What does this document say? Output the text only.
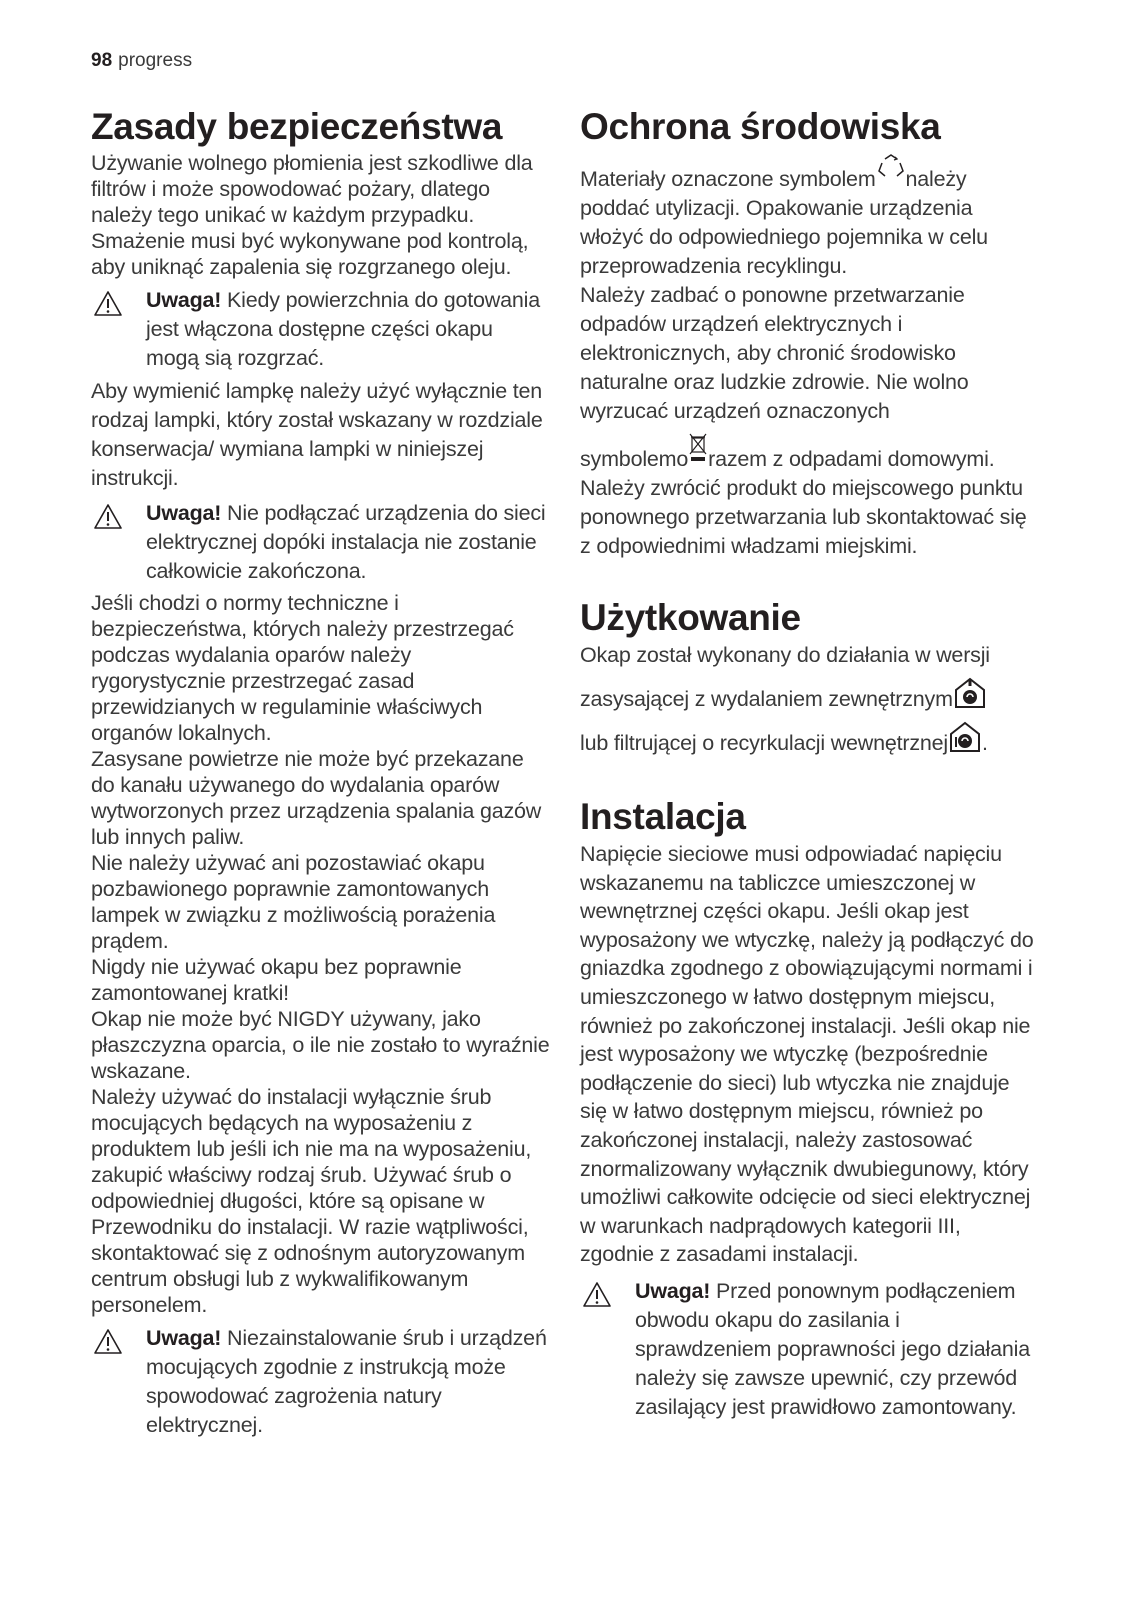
98 progress
Zasady bezpieczeństwa

Używanie wolnego płomienia jest szkodliwe dla filtrów i może spowodować pożary, dlatego należy tego unikać w każdym przypadku.

Smażenie musi być wykonywane pod kontrolą, aby uniknąć zapalenia się rozgrzanego oleju.

Uwaga! Kiedy powierzchnia do gotowania jest włączona dostępne części okapu mogą sią rozgrzać.

Aby wymienić lampkę należy użyć wyłącznie ten rodzaj lampki, który został wskazany w rozdziale konserwacja/ wymiana lampki w niniejszej instrukcji.

Uwaga! Nie podłączać urządzenia do sieci elektrycznej dopóki instalacja nie zostanie całkowicie zakończona.

Jeśli chodzi o normy techniczne i bezpieczeństwa, których należy przestrzegać podczas wydalania oparów należy rygorystycznie przestrzegać zasad przewidzianych w regulaminie właściwych organów lokalnych.

Zasysane powietrze nie może być przekazane do kanału używanego do wydalania oparów wytworzonych przez urządzenia spalania gazów lub innych paliw.

Nie należy używać ani pozostawiać okapu pozbawionego poprawnie zamontowanych lampek w związku z możliwością porażenia prądem.

Nigdy nie używać okapu bez poprawnie zamontowanej kratki!

Okap nie może być NIGDY używany, jako płaszczyzna oparcia, o ile nie zostało to wyraźnie wskazane.

Należy używać do instalacji wyłącznie śrub mocujących będących na wyposażeniu z produktem lub jeśli ich nie ma na wyposażeniu, zakupić właściwy rodzaj śrub. Używać śrub o odpowiedniej długości, które są opisane w Przewodniku do instalacji. W razie wątpliwości, skontaktować się z odnośnym autoryzowanym centrum obsługi lub z wykwalifikowanym personelem.

Uwaga! Niezainstalowanie śrub i urządzeń mocujących zgodnie z instrukcją może spowodować zagrożenia natury elektrycznej.

Ochrona środowiska

Materiały oznaczone symbolem należy poddać utylizacji. Opakowanie urządzenia włożyć do odpowiedniego pojemnika w celu przeprowadzenia recyklingu.

Należy zadbać o ponowne przetwarzanie odpadów urządzeń elektrycznych i elektronicznych, aby chronić środowisko naturalne oraz ludzkie zdrowie. Nie wolno wyrzucać urządzeń oznaczonych

symbolemo razem z odpadami domowymi. Należy zwrócić produkt do miejscowego punktu ponownego przetwarzania lub skontaktować się z odpowiednimi władzami miejskimi.

Użytkowanie

Okap został wykonany do działania w wersji zasysającej z wydalaniem zewnętrznym
lub filtrującej o recyrkulacji wewnętrznej .

Instalacja

Napięcie sieciowe musi odpowiadać napięciu wskazanemu na tabliczce umieszczonej w wewnętrznej części okapu. Jeśli okap jest wyposażony we wtyczkę, należy ją podłączyć do gniazdka zgodnego z obowiązującymi normami i umieszczonego w łatwo dostępnym miejscu, również po zakończonej instalacji. Jeśli okap nie jest wyposażony we wtyczkę (bezpośrednie podłączenie do sieci) lub wtyczka nie znajduje się w łatwo dostępnym miejscu, również po zakończonej instalacji, należy zastosować znormalizowany wyłącznik dwubiegunowy, który umożliwi całkowite odcięcie od sieci elektrycznej w warunkach nadprądowych kategorii III, zgodnie z zasadami instalacji.

Uwaga! Przed ponownym podłączeniem obwodu okapu do zasilania i sprawdzeniem poprawności jego działania należy się zawsze upewnić, czy przewód zasilający jest prawidłowo zamontowany.
